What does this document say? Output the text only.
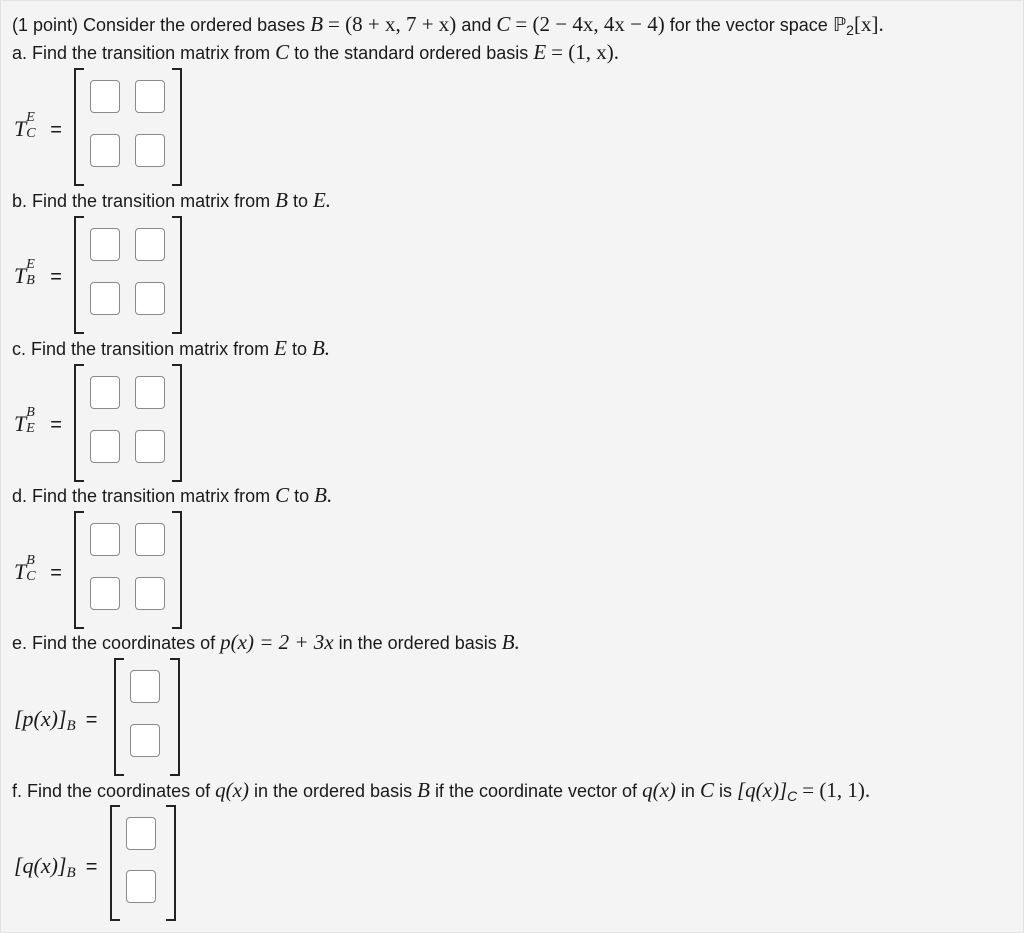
(1 point) Consider the ordered bases B = (8 + x, 7 + x) and C = (2 − 4x, 4x − 4) for the vector space ℙ$_2$[x].
a. Find the transition matrix from C to the standard ordered basis E = (1, x).
T E
C =
b. Find the transition matrix from B to E.
T E
B =
c. Find the transition matrix from E to B.
T B
E =
d. Find the transition matrix from C to B.
T B
C =
e. Find the coordinates of p(x) = 2 + 3x in the ordered basis B.
$[p(x)]_B$ =
f. Find the coordinates of q(x) in the ordered basis B if the coordinate vector of q(x) in C is $[q(x)]_C = (1$, 1).
$[q(x)]_B$ =
